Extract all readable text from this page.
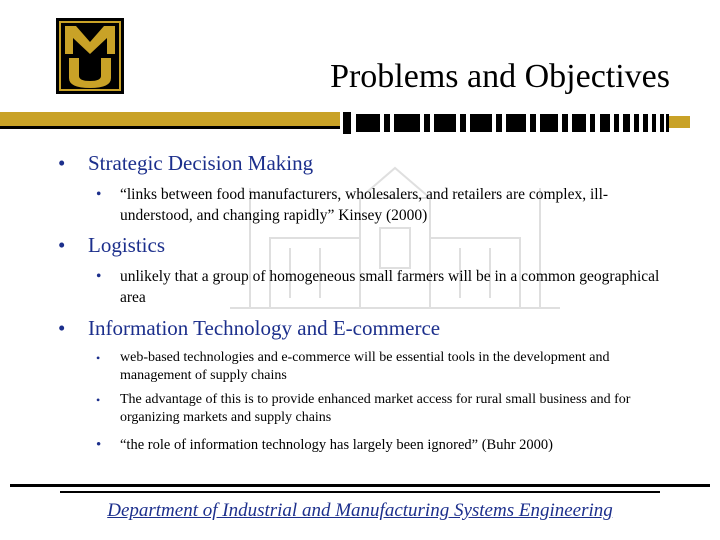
Problems and Objectives
• Strategic Decision Making
• “links between food manufacturers, wholesalers, and retailers are complex, ill-understood, and changing rapidly” Kinsey (2000)
• Logistics
• unlikely that a group of homogeneous small farmers will be in a common geographical area
• Information Technology and E-commerce
• web-based technologies and e-commerce will be essential tools in the development and management of supply chains
• The advantage of this is to provide enhanced market access for rural small business and for organizing markets and supply chains
• “the role of information technology has largely been ignored” (Buhr 2000)
Department of Industrial and Manufacturing Systems Engineering
